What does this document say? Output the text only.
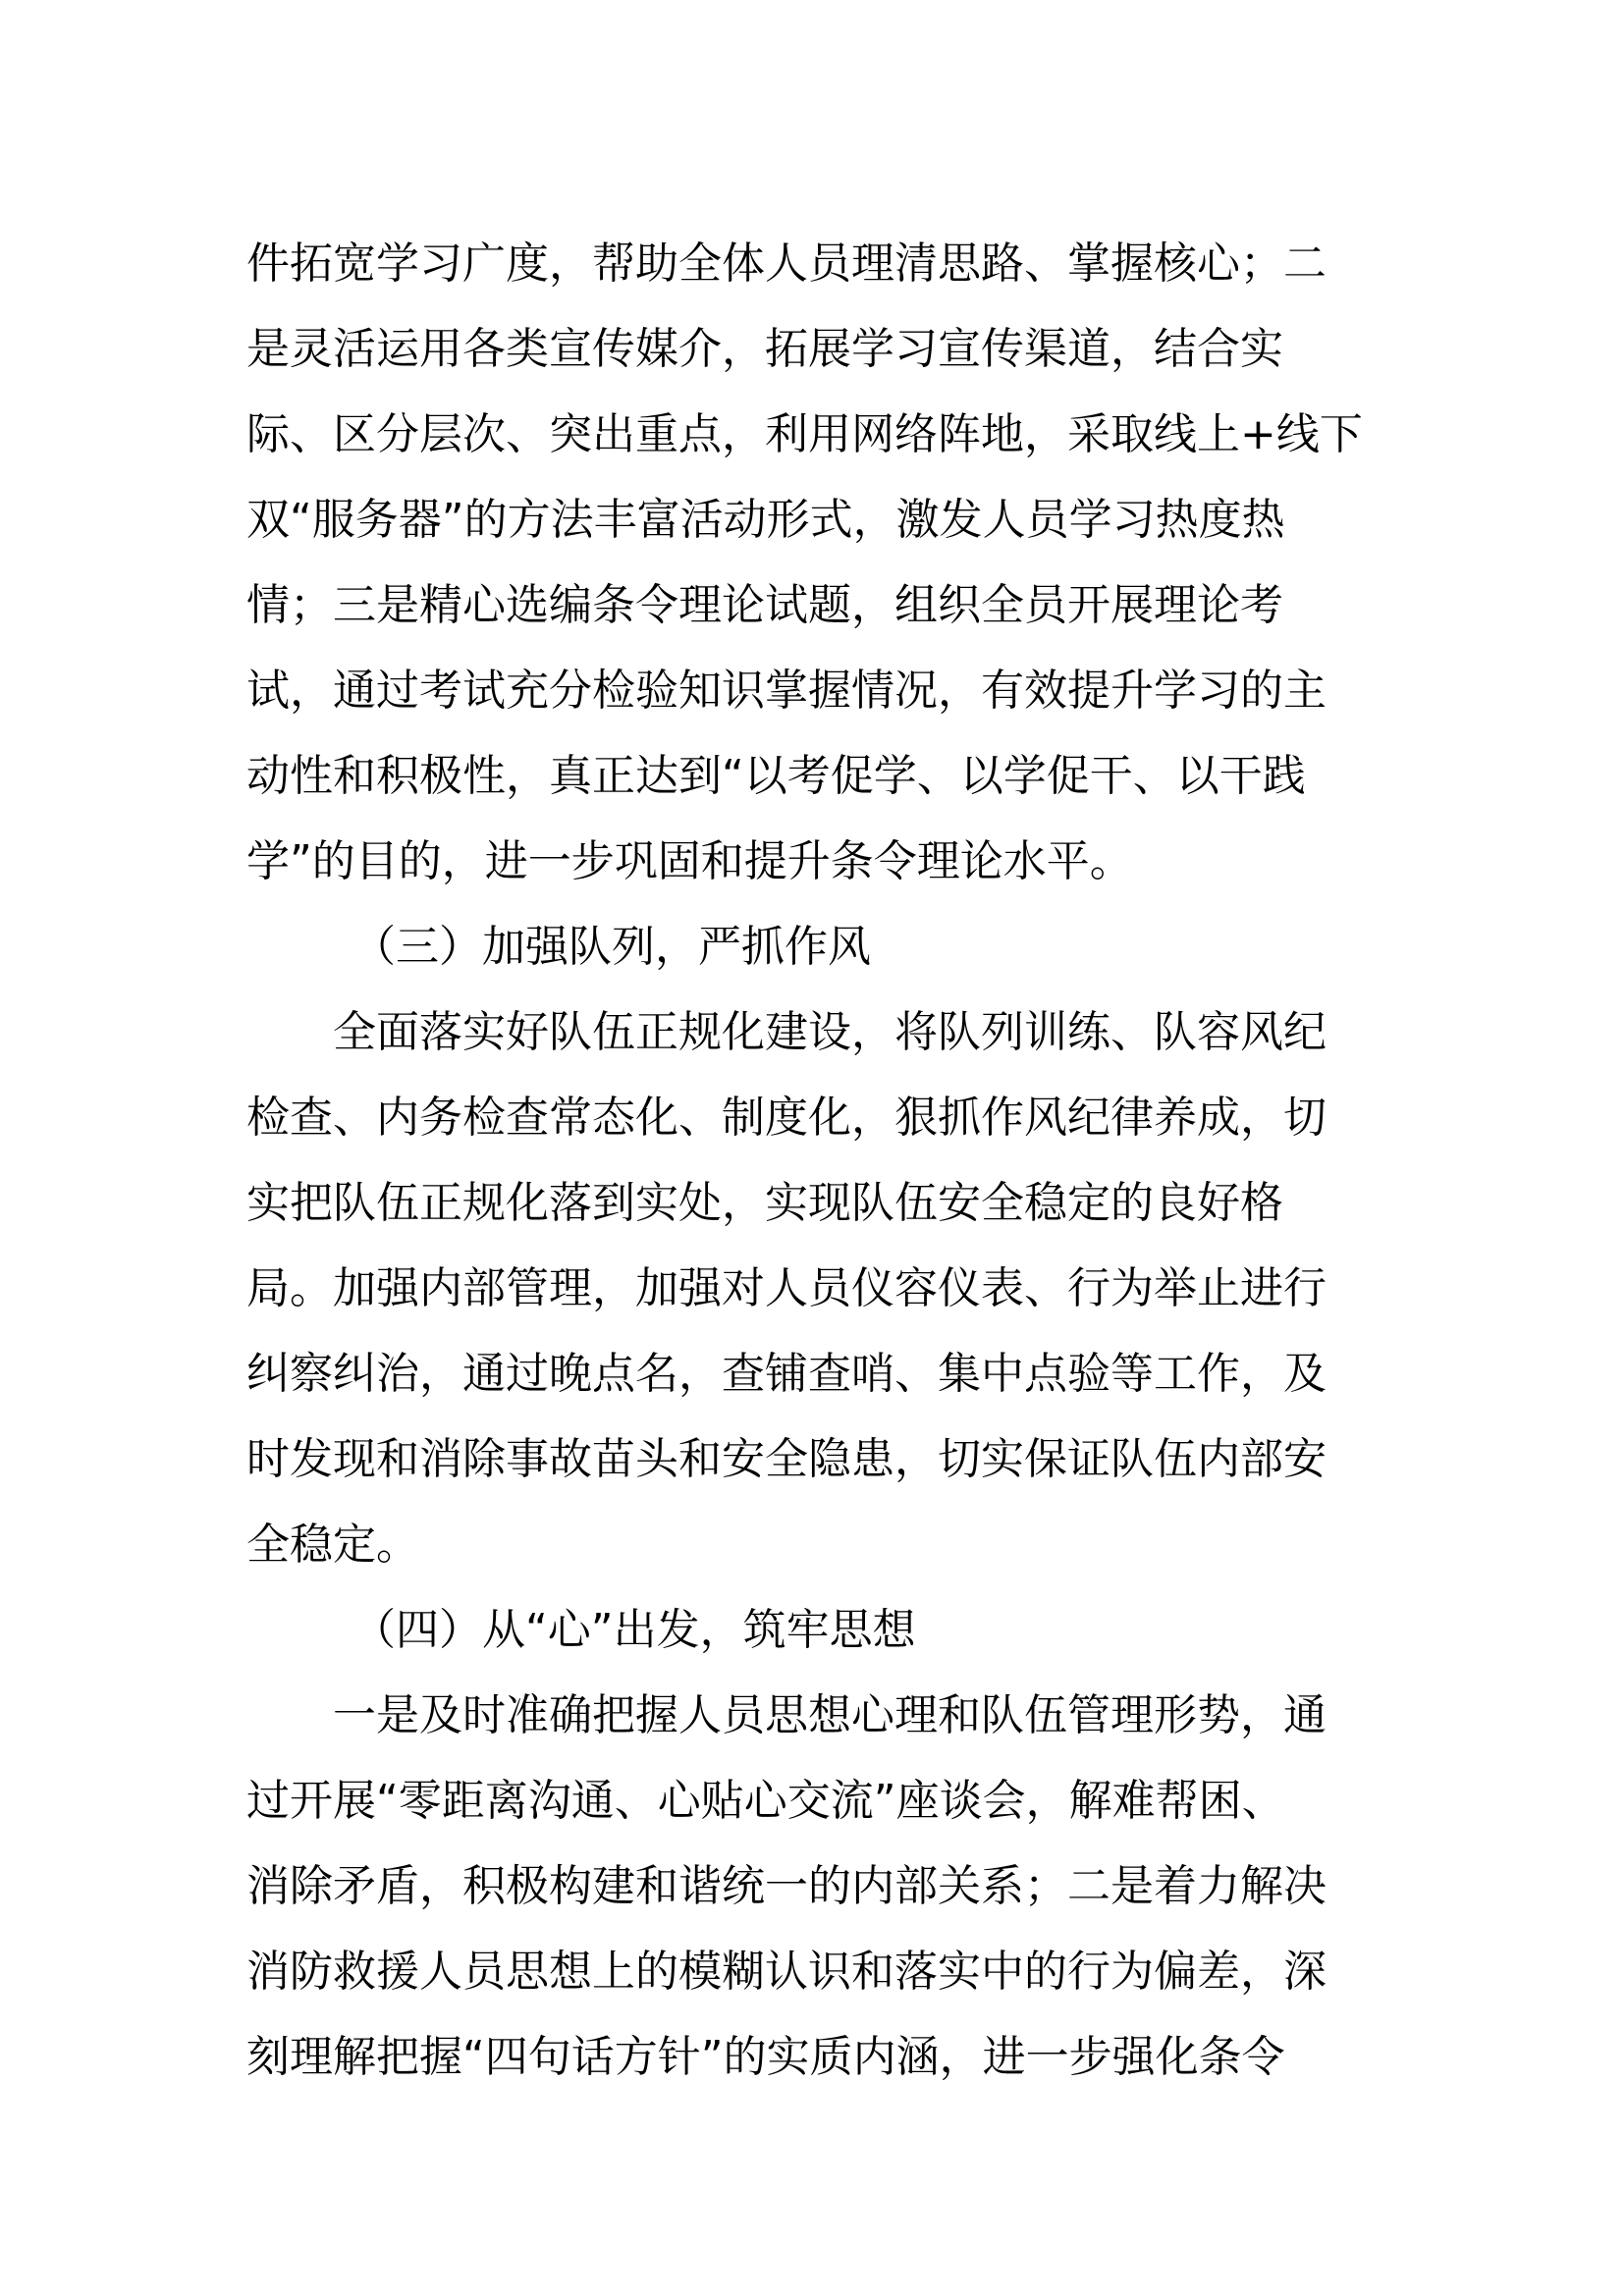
件拓宽学习广度，帮助全体人员理清思路、掌握核心；二
是灵活运用各类宣传媒介，拓展学习宣传渠道，结合实
际、区分层次、突出重点，利用网络阵地，采取线上+线下
双“服务器”的方法丰富活动形式，激发人员学习热度热
情；三是精心选编条令理论试题，组织全员开展理论考
试，通过考试充分检验知识掌握情况，有效提升学习的主
动性和积极性，真正达到“以考促学、以学促干、以干践
学”的目的，进一步巩固和提升条令理论水平。
（三）加强队列，严抓作风
全面落实好队伍正规化建设，将队列训练、队容风纪
检查、内务检查常态化、制度化，狠抓作风纪律养成，切
实把队伍正规化落到实处，实现队伍安全稳定的良好格
局。加强内部管理，加强对人员仪容仪表、行为举止进行
纠察纠治，通过晚点名，查铺查哨、集中点验等工作，及
时发现和消除事故苗头和安全隐患，切实保证队伍内部安
全稳定。
（四）从“心”出发，筑牢思想
一是及时准确把握人员思想心理和队伍管理形势，通
过开展“零距离沟通、心贴心交流”座谈会，解难帮困、
消除矛盾，积极构建和谐统一的内部关系；二是着力解决
消防救援人员思想上的模糊认识和落实中的行为偏差，深
刻理解把握“四句话方针”的实质内涵，进一步强化条令
